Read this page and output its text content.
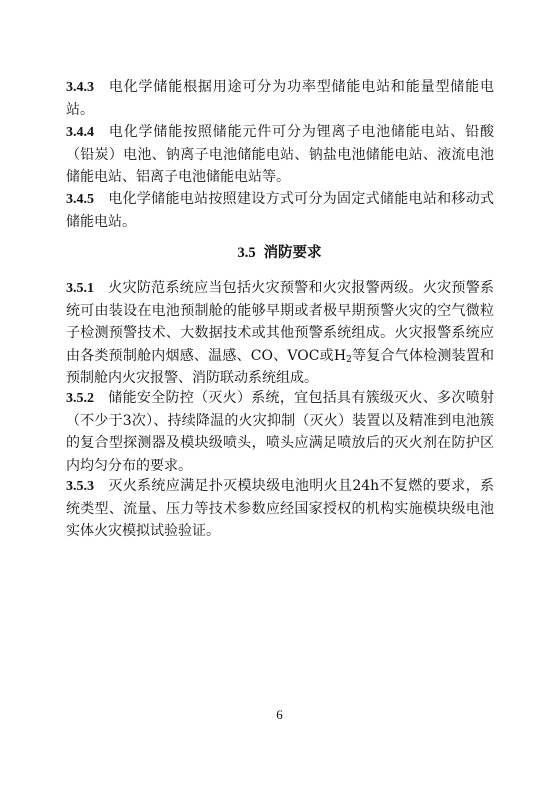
3.4.3 电化学储能根据用途可分为功率型储能电站和能量型储能电站。

3.4.4 电化学储能按照储能元件可分为锂离子电池储能电站、铅酸（铅炭）电池、钠离子电池储能电站、钠盐电池储能电站、液流电池储能电站、铝离子电池储能电站等。

3.4.5 电化学储能电站按照建设方式可分为固定式储能电站和移动式储能电站。

3.5 消防要求

3.5.1 火灾防范系统应当包括火灾预警和火灾报警两级。火灾预警系统可由装设在电池预制舱的能够早期或者极早期预警火灾的空气微粒子检测预警技术、大数据技术或其他预警系统组成。火灾报警系统应由各类预制舱内烟感、温感、CO、VOC或$H_2$等复合气体检测装置和预制舱内火灾报警、消防联动系统组成。

3.5.2 储能安全防控（灭火）系统，宜包括具有簇级灭火、多次喷射（不少于3次）、持续降温的火灾抑制（灭火）装置以及精准到电池簇的复合型探测器及模块级喷头，喷头应满足喷放后的灭火剂在防护区内均匀分布的要求。

3.5.3 灭火系统应满足扑灭模块级电池明火且24h不复燃的要求，系统类型、流量、压力等技术参数应经国家授权的机构实施模块级电池实体火灾模拟试验验证。

6
